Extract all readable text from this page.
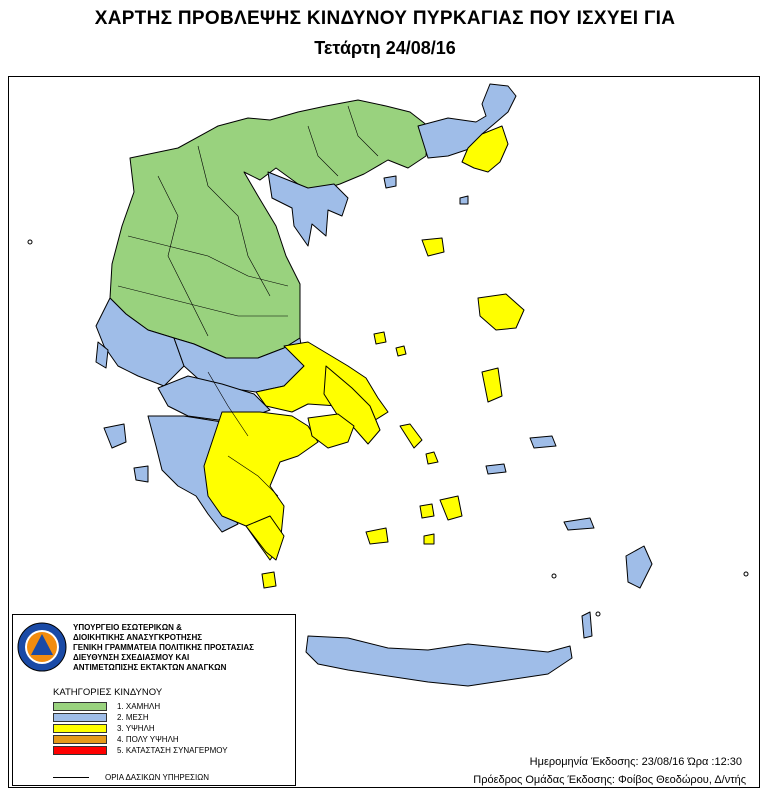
ΧΑΡΤΗΣ ΠΡΟΒΛΕΨΗΣ ΚΙΝΔΥΝΟΥ ΠΥΡΚΑΓΙΑΣ ΠΟΥ ΙΣΧΥΕΙ ΓΙΑ
Τετάρτη 24/08/16
ΥΠΟΥΡΓΕΙΟ ΕΣΩΤΕΡΙΚΩΝ &
ΔΙΟΙΚΗΤΙΚΗΣ ΑΝΑΣΥΓΚΡΟΤΗΣΗΣ
ΓΕΝΙΚΗ ΓΡΑΜΜΑΤΕΙΑ ΠΟΛΙΤΙΚΗΣ ΠΡΟΣΤΑΣΙΑΣ
ΔΙΕΥΘΥΝΣΗ ΣΧΕΔΙΑΣΜΟΥ ΚΑΙ
ΑΝΤΙΜΕΤΩΠΙΣΗΣ ΕΚΤΑΚΤΩΝ ΑΝΑΓΚΩΝ
ΚΑΤΗΓΟΡΙΕΣ ΚΙΝΔΥΝΟΥ
1. ΧΑΜΗΛΗ
2. ΜΕΣΗ
3. ΥΨΗΛΗ
4. ΠΟΛΥ ΥΨΗΛΗ
5. ΚΑΤΑΣΤΑΣΗ ΣΥΝΑΓΕΡΜΟΥ
ΟΡΙΑ ΔΑΣΙΚΩΝ ΥΠΗΡΕΣΙΩΝ
Ημερομηνία Έκδοσης: 23/08/16 Ώρα :12:30
Πρόεδρος Ομάδας Έκδοσης: Φοίβος Θεοδώρου, Δ/ντής
